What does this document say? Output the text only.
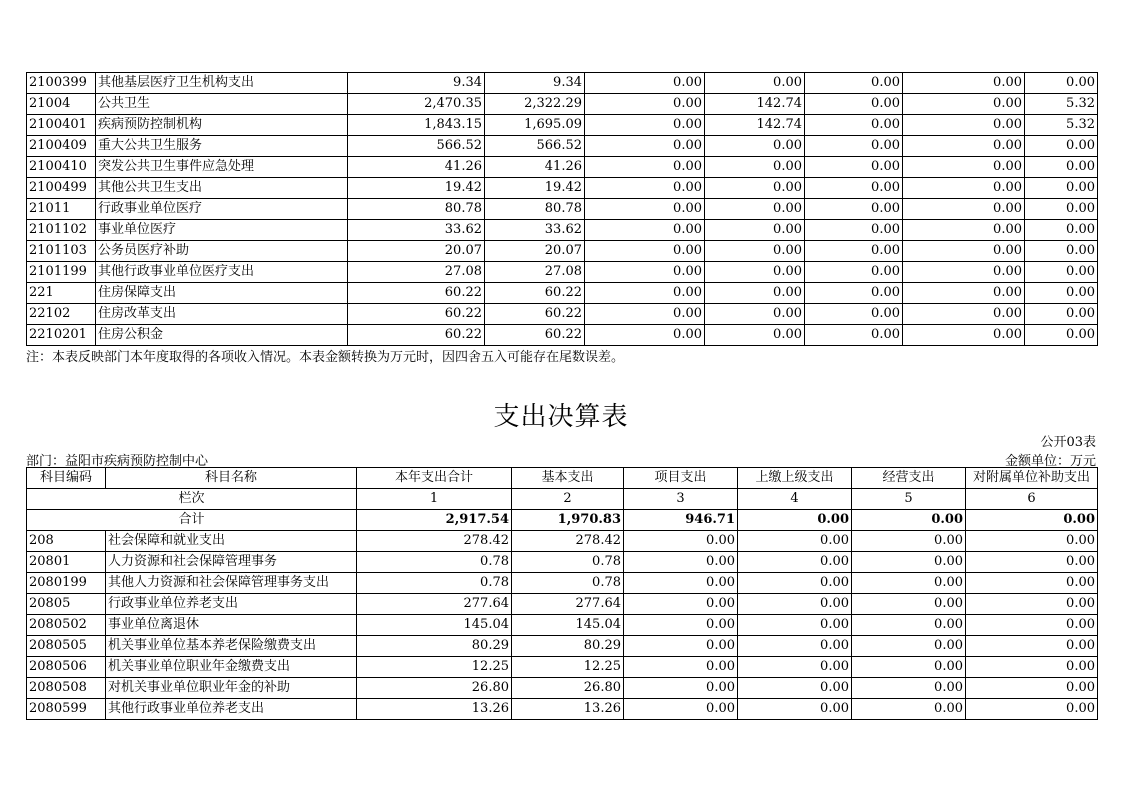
2100399	其他基层医疗卫生机构支出	9.34	9.34	0.00	0.00	0.00	0.00	0.00
21004	公共卫生	2,470.35	2,322.29	0.00	142.74	0.00	0.00	5.32
2100401	疾病预防控制机构	1,843.15	1,695.09	0.00	142.74	0.00	0.00	5.32
2100409	重大公共卫生服务	566.52	566.52	0.00	0.00	0.00	0.00	0.00
2100410	突发公共卫生事件应急处理	41.26	41.26	0.00	0.00	0.00	0.00	0.00
2100499	其他公共卫生支出	19.42	19.42	0.00	0.00	0.00	0.00	0.00
21011	行政事业单位医疗	80.78	80.78	0.00	0.00	0.00	0.00	0.00
2101102	事业单位医疗	33.62	33.62	0.00	0.00	0.00	0.00	0.00
2101103	公务员医疗补助	20.07	20.07	0.00	0.00	0.00	0.00	0.00
2101199	其他行政事业单位医疗支出	27.08	27.08	0.00	0.00	0.00	0.00	0.00
221	住房保障支出	60.22	60.22	0.00	0.00	0.00	0.00	0.00
22102	住房改革支出	60.22	60.22	0.00	0.00	0.00	0.00	0.00
2210201	住房公积金	60.22	60.22	0.00	0.00	0.00	0.00	0.00
注：本表反映部门本年度取得的各项收入情况。本表金额转换为万元时，因四舍五入可能存在尾数误差。
支出决算表
公开03表
部门：益阳市疾病预防控制中心	金额单位：万元
科目编码	科目名称	本年支出合计	基本支出	项目支出	上缴上级支出	经营支出	对附属单位补助支出
栏次		1	2	3	4	5	6
合计		2,917.54	1,970.83	946.71	0.00	0.00	0.00
208	社会保障和就业支出	278.42	278.42	0.00	0.00	0.00	0.00
20801	人力资源和社会保障管理事务	0.78	0.78	0.00	0.00	0.00	0.00
2080199	其他人力资源和社会保障管理事务支出	0.78	0.78	0.00	0.00	0.00	0.00
20805	行政事业单位养老支出	277.64	277.64	0.00	0.00	0.00	0.00
2080502	事业单位离退休	145.04	145.04	0.00	0.00	0.00	0.00
2080505	机关事业单位基本养老保险缴费支出	80.29	80.29	0.00	0.00	0.00	0.00
2080506	机关事业单位职业年金缴费支出	12.25	12.25	0.00	0.00	0.00	0.00
2080508	对机关事业单位职业年金的补助	26.80	26.80	0.00	0.00	0.00	0.00
2080599	其他行政事业单位养老支出	13.26	13.26	0.00	0.00	0.00	0.00
